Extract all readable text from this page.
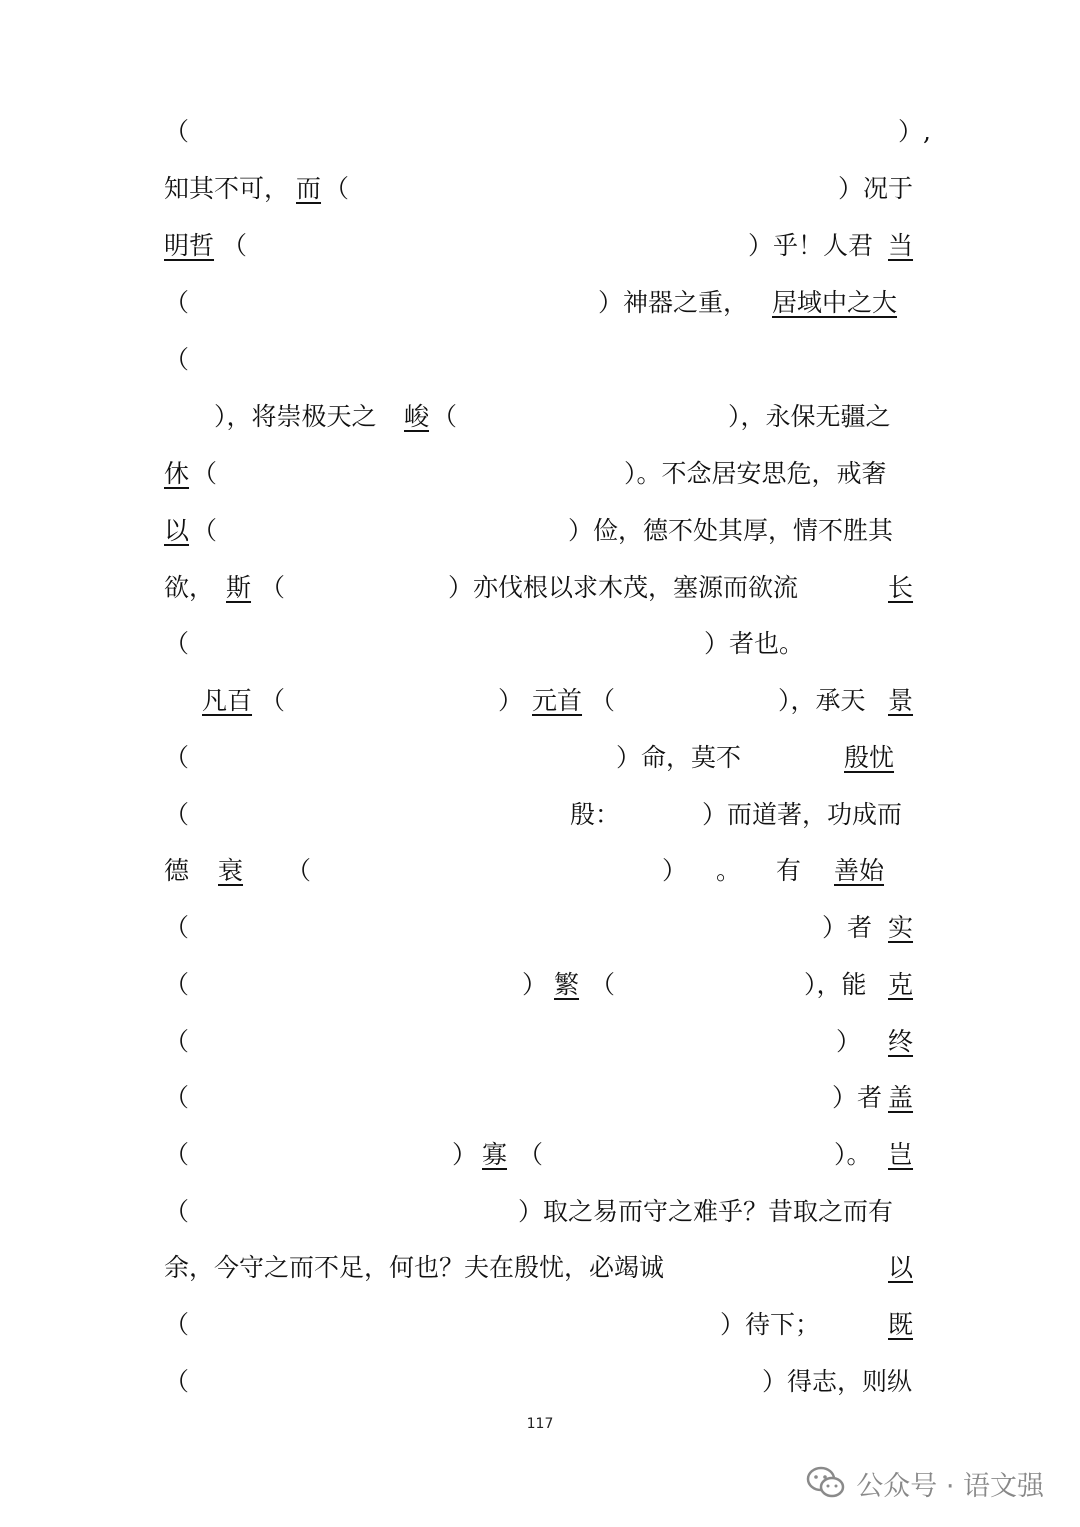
（	）,
知其不可， 而 （	）况于
明哲 （	）乎！人君 当
（	）神器之重， 居域中之大
（
），将崇极天之 峻 （	），永保无疆之
休 （	）。不念居安思危，戒奢
以 （	）俭，德不处其厚，情不胜其
欲， 斯 （	）亦伐根以求木茂，塞源而欲流	长
（	）者也。
凡百 （	） 元首 （	），承天 景
（	）命，莫不	殷忧
（	殷：	）而道著，功成而
德 衰 （	） 。 有 善始
（	）者 实
（	） 繁 （	），能 克
（	） 终
（	）者 盖
（	） 寡 （	）。 岂
（	）取之易而守之难乎？昔取之而有
余，今守之而不足，何也？夫在殷忧，必竭诚	以
（	）待下；	既
（	）得志，则纵
117
公众号 · 语文强
